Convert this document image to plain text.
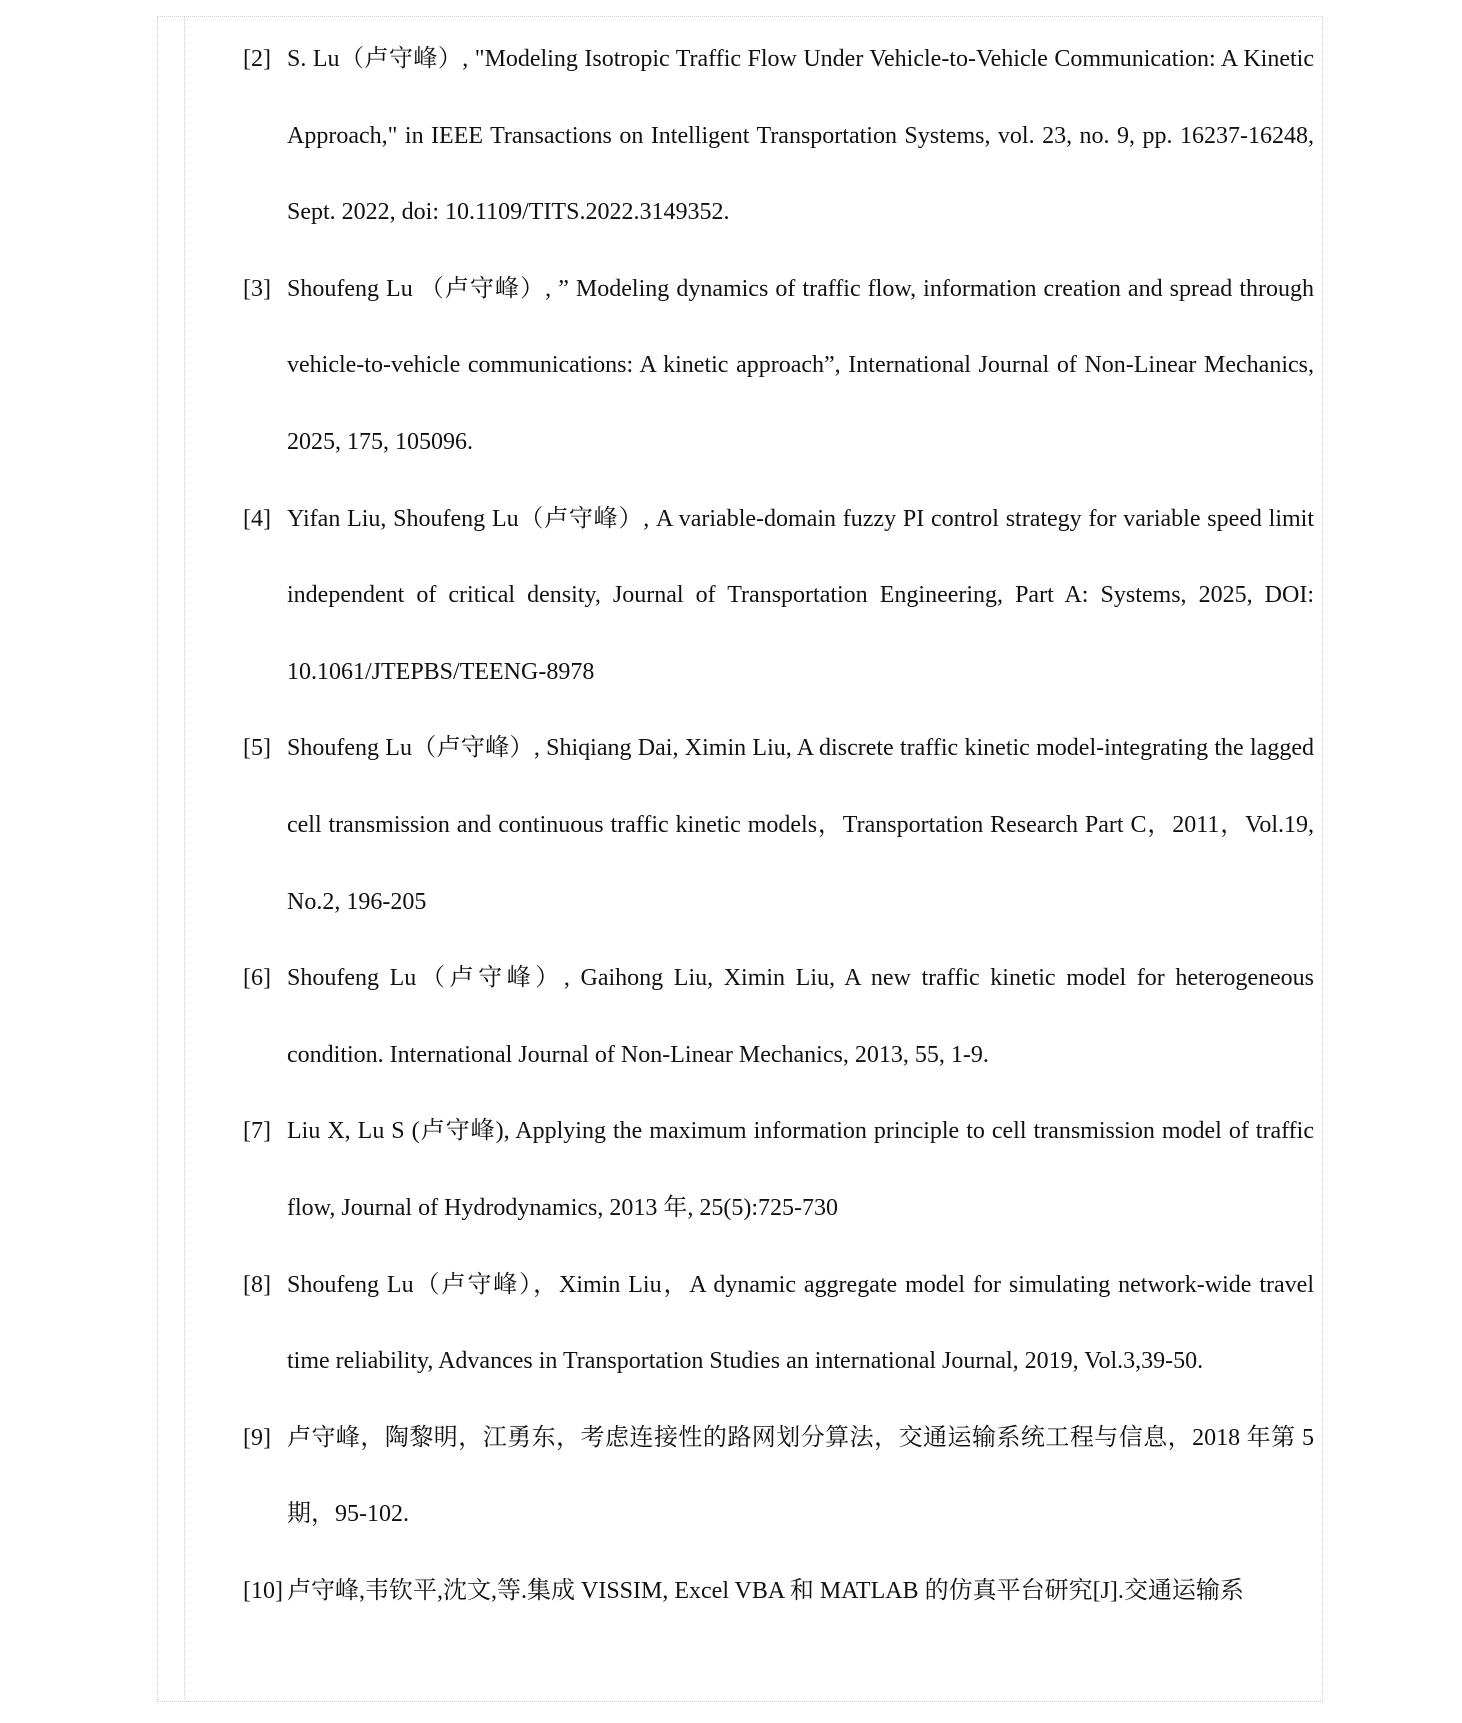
[2] S. Lu（卢守峰）, "Modeling Isotropic Traffic Flow Under Vehicle-to-Vehicle Communication: A Kinetic Approach," in IEEE Transactions on Intelligent Transportation Systems, vol. 23, no. 9, pp. 16237-16248, Sept. 2022, doi: 10.1109/TITS.2022.3149352.
[3] Shoufeng Lu （卢守峰）, ” Modeling dynamics of traffic flow, information creation and spread through vehicle-to-vehicle communications: A kinetic approach”, International Journal of Non-Linear Mechanics, 2025, 175, 105096.
[4] Yifan Liu, Shoufeng Lu（卢守峰）, A variable-domain fuzzy PI control strategy for variable speed limit independent of critical density, Journal of Transportation Engineering, Part A: Systems, 2025, DOI: 10.1061/JTEPBS/TEENG-8978
[5] Shoufeng Lu（卢守峰）, Shiqiang Dai, Ximin Liu, A discrete traffic kinetic model-integrating the lagged cell transmission and continuous traffic kinetic models，Transportation Research Part C，2011，Vol.19, No.2, 196-205
[6] Shoufeng Lu（卢守峰）, Gaihong Liu, Ximin Liu, A new traffic kinetic model for heterogeneous condition. International Journal of Non-Linear Mechanics, 2013, 55, 1-9.
[7] Liu X, Lu S (卢守峰), Applying the maximum information principle to cell transmission model of traffic flow, Journal of Hydrodynamics, 2013 年, 25(5):725-730
[8] Shoufeng Lu（卢守峰），Ximin Liu，A dynamic aggregate model for simulating network-wide travel time reliability, Advances in Transportation Studies an international Journal, 2019, Vol.3,39-50.
[9] 卢守峰，陶黎明，江勇东，考虑连接性的路网划分算法，交通运输系统工程与信息，2018 年第 5 期，95-102.
[10] 卢守峰,韦钦平,沈文,等.集成 VISSIM, Excel VBA 和 MATLAB 的仿真平台研究[J].交通运输系
